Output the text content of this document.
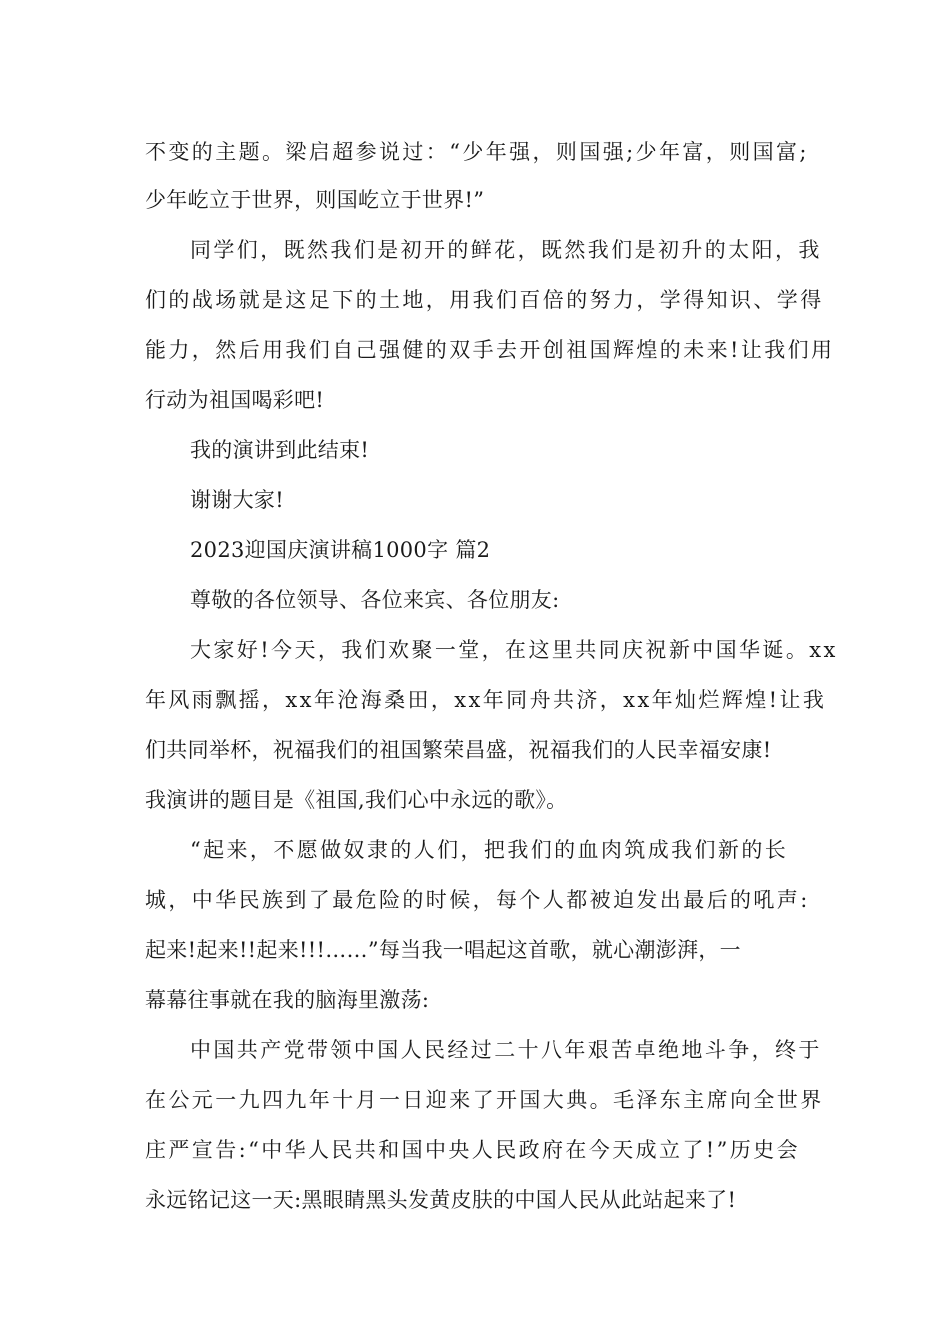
不变的主题。梁启超参说过：“少年强，则国强;少年富，则国富;
少年屹立于世界，则国屹立于世界!”
同学们，既然我们是初开的鲜花，既然我们是初升的太阳，我
们的战场就是这足下的土地，用我们百倍的努力，学得知识、学得
能力，然后用我们自己强健的双手去开创祖国辉煌的未来!让我们用
行动为祖国喝彩吧!
我的演讲到此结束!
谢谢大家!
2023迎国庆演讲稿1000字 篇2
尊敬的各位领导、各位来宾、各位朋友:
大家好!今天，我们欢聚一堂，在这里共同庆祝新中国华诞。xx
年风雨飘摇，xx年沧海桑田，xx年同舟共济，xx年灿烂辉煌!让我
们共同举杯，祝福我们的祖国繁荣昌盛，祝福我们的人民幸福安康!
我演讲的题目是《祖国,我们心中永远的歌》。
“起来，不愿做奴隶的人们，把我们的血肉筑成我们新的长
城，中华民族到了最危险的时候，每个人都被迫发出最后的吼声:
起来!起来!!起来!!!……”每当我一唱起这首歌，就心潮澎湃，一
幕幕往事就在我的脑海里激荡:
中国共产党带领中国人民经过二十八年艰苦卓绝地斗争，终于
在公元一九四九年十月一日迎来了开国大典。毛泽东主席向全世界
庄严宣告:“中华人民共和国中央人民政府在今天成立了!”历史会
永远铭记这一天:黑眼睛黑头发黄皮肤的中国人民从此站起来了!
